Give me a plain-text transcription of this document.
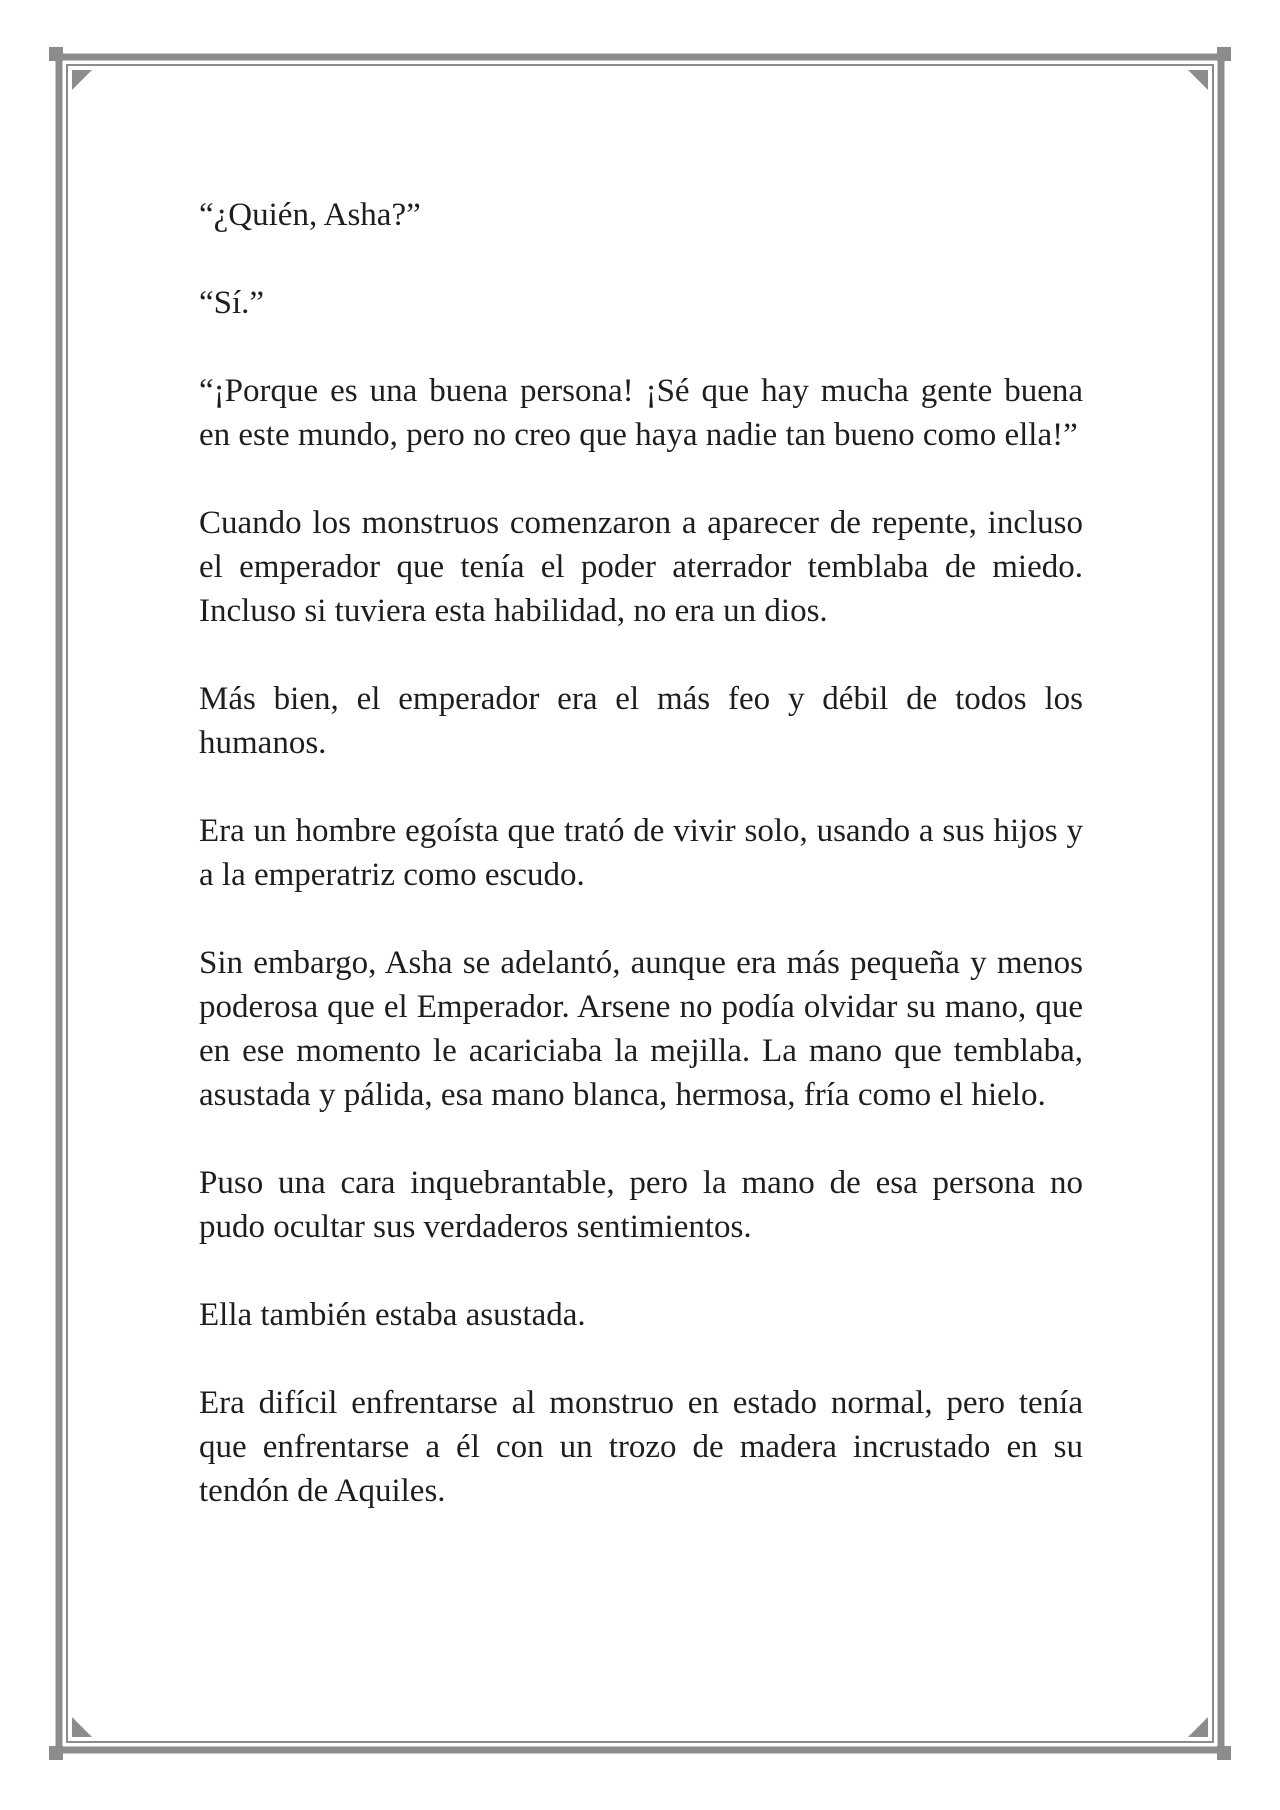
“¿Quién, Asha?”

“Sí.”

“¡Porque es una buena persona! ¡Sé que hay mucha gente buena en este mundo, pero no creo que haya nadie tan bueno como ella!”

Cuando los monstruos comenzaron a aparecer de repente, incluso el emperador que tenía el poder aterrador temblaba de miedo. Incluso si tuviera esta habilidad, no era un dios.

Más bien, el emperador era el más feo y débil de todos los humanos.

Era un hombre egoísta que trató de vivir solo, usando a sus hijos y a la emperatriz como escudo.

Sin embargo, Asha se adelantó, aunque era más pequeña y menos poderosa que el Emperador. Arsene no podía olvidar su mano, que en ese momento le acariciaba la mejilla. La mano que temblaba, asustada y pálida, esa mano blanca, hermosa, fría como el hielo.

Puso una cara inquebrantable, pero la mano de esa persona no pudo ocultar sus verdaderos sentimientos.

Ella también estaba asustada.

Era difícil enfrentarse al monstruo en estado normal, pero tenía que enfrentarse a él con un trozo de madera incrustado en su tendón de Aquiles.
